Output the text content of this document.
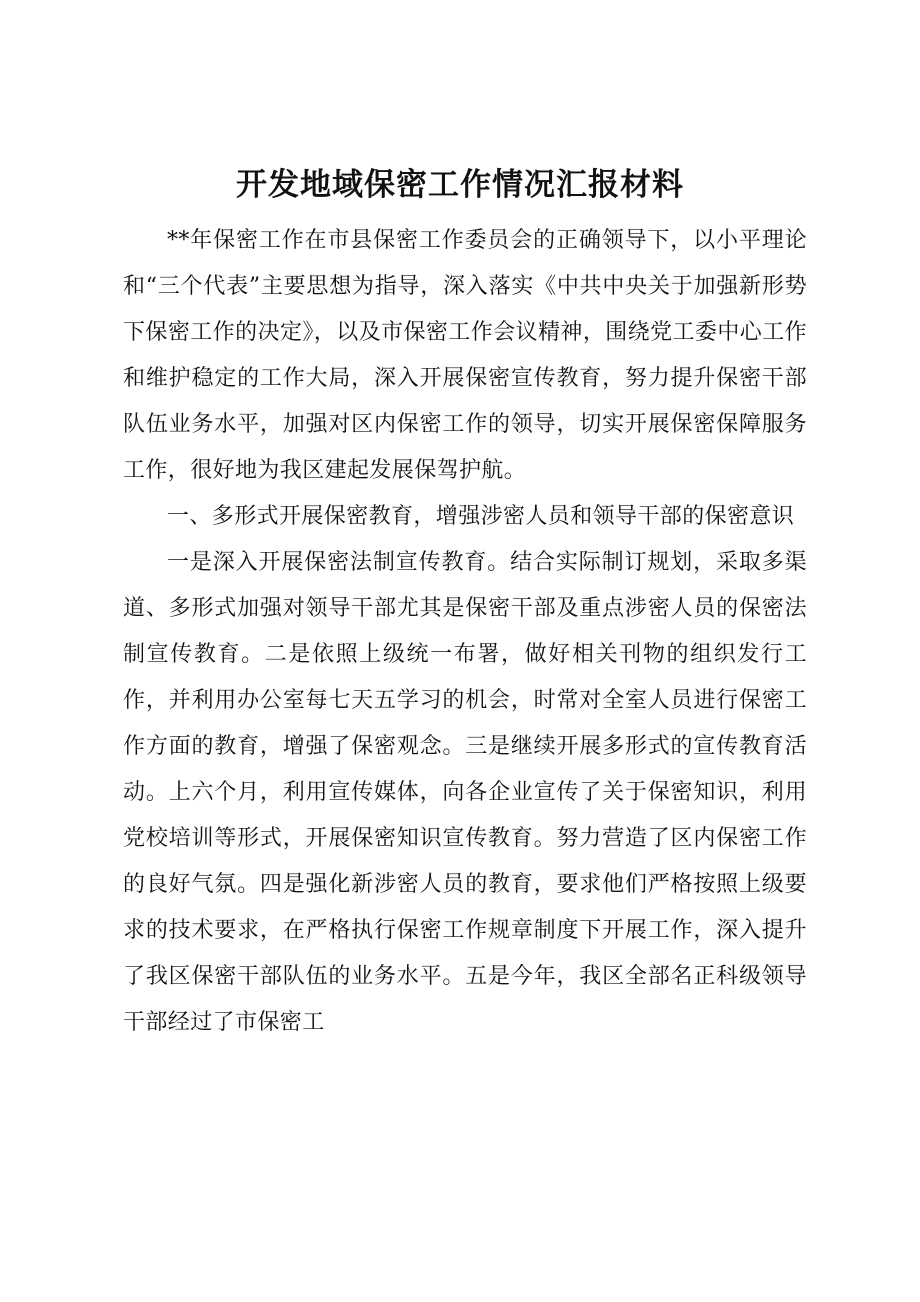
开发地域保密工作情况汇报材料

**年保密工作在市县保密工作委员会的正确领导下，以小平理论和“三个代表”主要思想为指导，深入落实《中共中央关于加强新形势下保密工作的决定》，以及市保密工作会议精神，围绕党工委中心工作和维护稳定的工作大局，深入开展保密宣传教育，努力提升保密干部队伍业务水平，加强对区内保密工作的领导，切实开展保密保障服务工作，很好地为我区建起发展保驾护航。

一、多形式开展保密教育，增强涉密人员和领导干部的保密意识

一是深入开展保密法制宣传教育。结合实际制订规划，采取多渠道、多形式加强对领导干部尤其是保密干部及重点涉密人员的保密法制宣传教育。二是依照上级统一布署，做好相关刊物的组织发行工作，并利用办公室每七天五学习的机会，时常对全室人员进行保密工作方面的教育，增强了保密观念。三是继续开展多形式的宣传教育活动。上六个月，利用宣传媒体，向各企业宣传了关于保密知识，利用党校培训等形式，开展保密知识宣传教育。努力营造了区内保密工作的良好气氛。四是强化新涉密人员的教育，要求他们严格按照上级要求的技术要求，在严格执行保密工作规章制度下开展工作，深入提升了我区保密干部队伍的业务水平。五是今年，我区全部名正科级领导干部经过了市保密工
